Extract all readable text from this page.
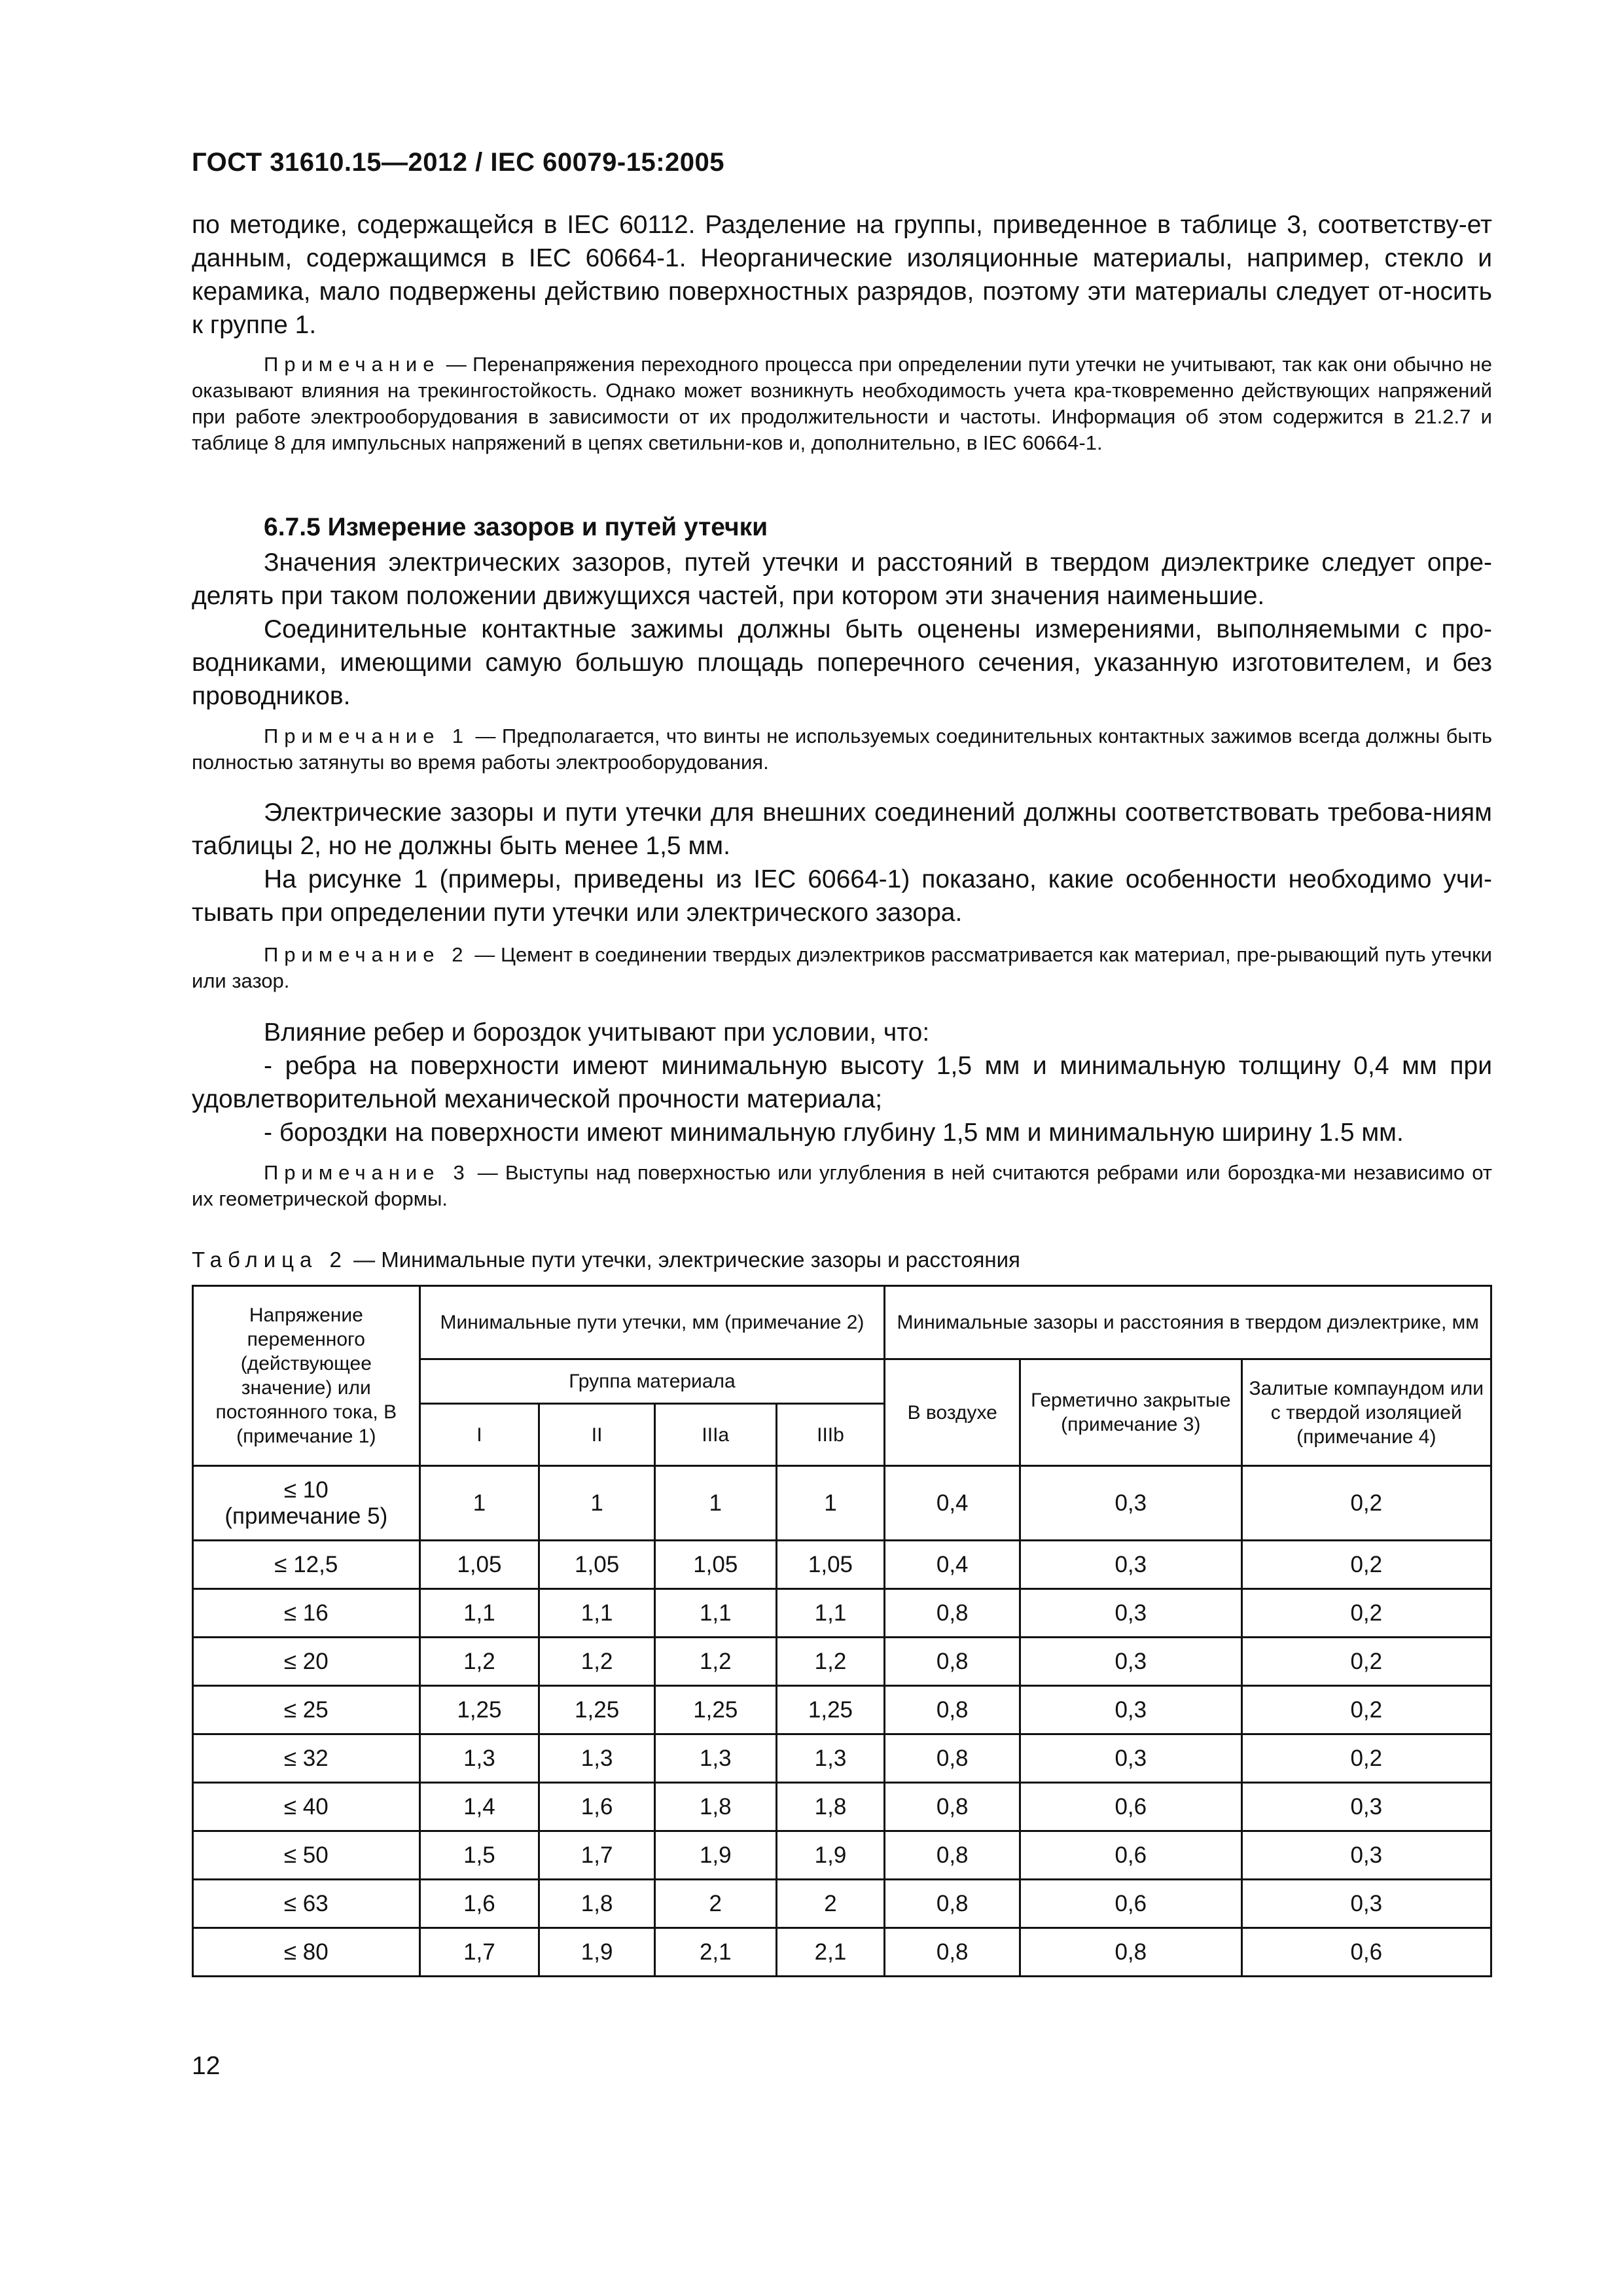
ГОСТ 31610.15—2012 / IEC 60079-15:2005

по методике, содержащейся в IEC 60112. Разделение на группы, приведенное в таблице 3, соответству-ет данным, содержащимся в IEC 60664-1. Неорганические изоляционные материалы, например, стекло и керамика, мало подвержены действию поверхностных разрядов, поэтому эти материалы следует от-носить к группе 1.

Примечание — Перенапряжения переходного процесса при определении пути утечки не учитывают, так как они обычно не оказывают влияния на трекингостойкость. Однако может возникнуть необходимость учета кра-тковременно действующих напряжений при работе электрооборудования в зависимости от их продолжительности и частоты. Информация об этом содержится в 21.2.7 и таблице 8 для импульсных напряжений в цепях светильни-ков и, дополнительно, в IEC 60664-1.

6.7.5 Измерение зазоров и путей утечки

Значения электрических зазоров, путей утечки и расстояний в твердом диэлектрике следует опре-делять при таком положении движущихся частей, при котором эти значения наименьшие.

Соединительные контактные зажимы должны быть оценены измерениями, выполняемыми с про-водниками, имеющими самую большую площадь поперечного сечения, указанную изготовителем, и без проводников.

Примечание 1 — Предполагается, что винты не используемых соединительных контактных зажимов всегда должны быть полностью затянуты во время работы электрооборудования.

Электрические зазоры и пути утечки для внешних соединений должны соответствовать требова-ниям таблицы 2, но не должны быть менее 1,5 мм.

На рисунке 1 (примеры, приведены из IEC 60664-1) показано, какие особенности необходимо учи-тывать при определении пути утечки или электрического зазора.

Примечание 2 — Цемент в соединении твердых диэлектриков рассматривается как материал, пре-рывающий путь утечки или зазор.

Влияние ребер и бороздок учитывают при условии, что:

- ребра на поверхности имеют минимальную высоту 1,5 мм и минимальную толщину 0,4 мм при удовлетворительной механической прочности материала;

- бороздки на поверхности имеют минимальную глубину 1,5 мм и минимальную ширину 1.5 мм.

Примечание 3 — Выступы над поверхностью или углубления в ней считаются ребрами или бороздка-ми независимо от их геометрической формы.

Таблица 2 — Минимальные пути утечки, электрические зазоры и расстояния
Напряжение переменного (действующее значение) или постоянного тока, В (примечание 1)	Минимальные пути утечки, мм (примечание 2)				Минимальные зазоры и расстояния в твердом диэлектрике, мм		
	Группа материала				В воздухе	Герметично закрытые (примечание 3)	Залитые компаундом или с твердой изоляцией (примечание 4)
	I	II	IIIa	IIIb			
≤ 10
(примечание 5)	1	1	1	1	0,4	0,3	0,2
≤ 12,5	1,05	1,05	1,05	1,05	0,4	0,3	0,2
≤ 16	1,1	1,1	1,1	1,1	0,8	0,3	0,2
≤ 20	1,2	1,2	1,2	1,2	0,8	0,3	0,2
≤ 25	1,25	1,25	1,25	1,25	0,8	0,3	0,2
≤ 32	1,3	1,3	1,3	1,3	0,8	0,3	0,2
≤ 40	1,4	1,6	1,8	1,8	0,8	0,6	0,3
≤ 50	1,5	1,7	1,9	1,9	0,8	0,6	0,3
≤ 63	1,6	1,8	2	2	0,8	0,6	0,3
≤ 80	1,7	1,9	2,1	2,1	0,8	0,8	0,6
12
